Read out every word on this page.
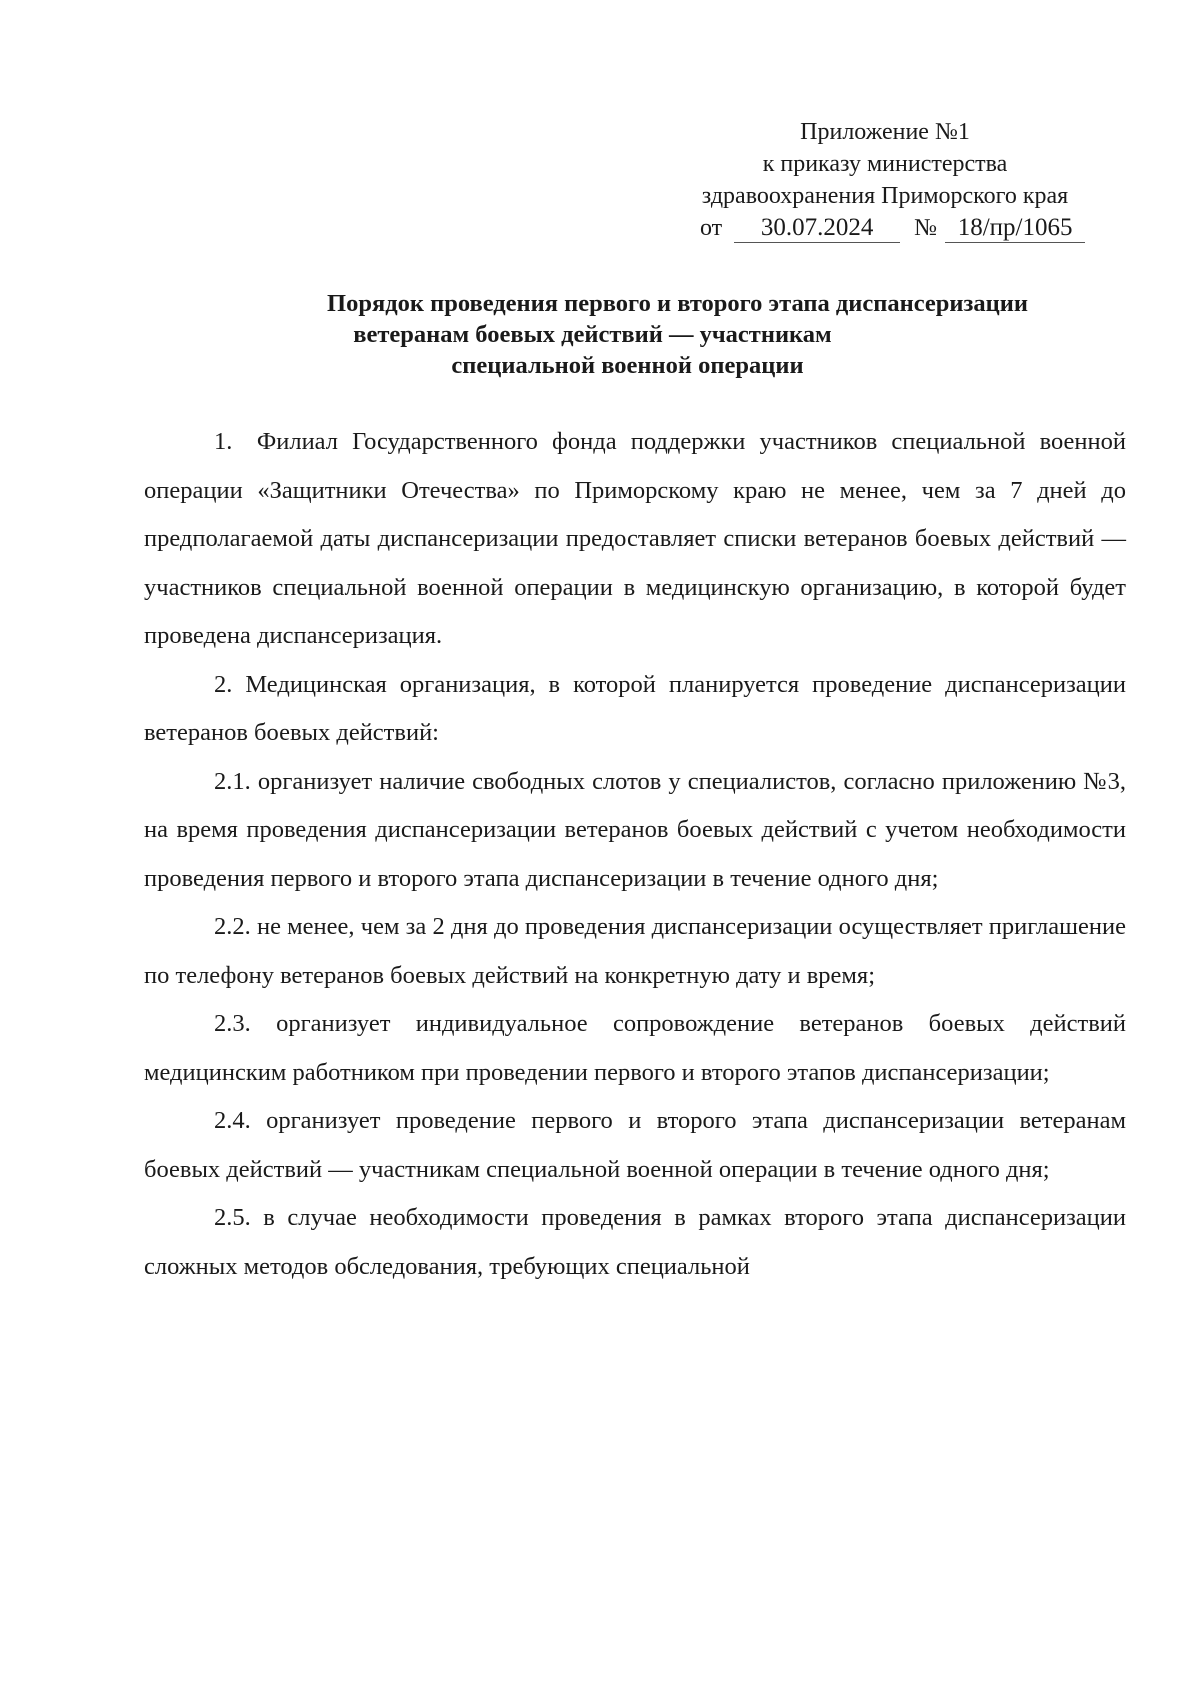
Приложение №1
к приказу министерства
здравоохранения Приморского края
от 30.07.2024 № 18/пр/1065
Порядок проведения первого и второго этапа диспансеризации
ветеранам боевых действий — участникам
специальной военной операции

1. Филиал Государственного фонда поддержки участников специальной военной операции «Защитники Отечества» по Приморскому краю не менее, чем за 7 дней до предполагаемой даты диспансеризации предоставляет списки ветеранов боевых действий — участников специальной военной операции в медицинскую организацию, в которой будет проведена диспансеризация.

2. Медицинская организация, в которой планируется проведение диспансеризации ветеранов боевых действий:

2.1. организует наличие свободных слотов у специалистов, согласно приложению №3, на время проведения диспансеризации ветеранов боевых действий с учетом необходимости проведения первого и второго этапа диспансеризации в течение одного дня;

2.2. не менее, чем за 2 дня до проведения диспансеризации осуществляет приглашение по телефону ветеранов боевых действий на конкретную дату и время;

2.3. организует индивидуальное сопровождение ветеранов боевых действий медицинским работником при проведении первого и второго этапов диспансеризации;

2.4. организует проведение первого и второго этапа диспансеризации ветеранам боевых действий — участникам специальной военной операции в течение одного дня;

2.5. в случае необходимости проведения в рамках второго этапа диспансеризации сложных методов обследования, требующих специальной
